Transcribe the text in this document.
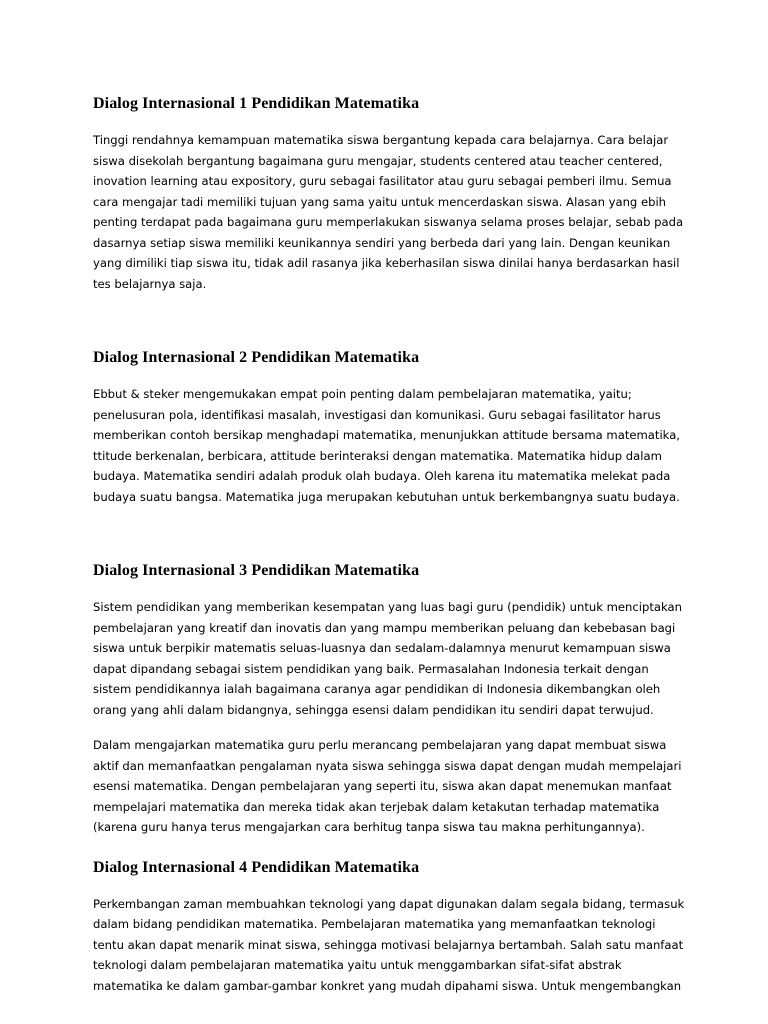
Dialog Internasional 1 Pendidikan Matematika

Tinggi rendahnya kemampuan matematika siswa bergantung kepada cara belajarnya. Cara belajar
siswa disekolah bergantung bagaimana guru mengajar, students centered atau teacher centered,
inovation learning atau expository, guru sebagai fasilitator atau guru sebagai pemberi ilmu. Semua
cara mengajar tadi memiliki tujuan yang sama yaitu untuk mencerdaskan siswa. Alasan yang ebih
penting terdapat pada bagaimana guru memperlakukan siswanya selama proses belajar, sebab pada
dasarnya setiap siswa memiliki keunikannya sendiri yang berbeda dari yang lain. Dengan keunikan
yang dimiliki tiap siswa itu, tidak adil rasanya jika keberhasilan siswa dinilai hanya berdasarkan hasil
tes belajarnya saja.

Dialog Internasional 2 Pendidikan Matematika

Ebbut & steker mengemukakan empat poin penting dalam pembelajaran matematika, yaitu;
penelusuran pola, identifikasi masalah, investigasi dan komunikasi. Guru sebagai fasilitator harus
memberikan contoh bersikap menghadapi matematika, menunjukkan attitude bersama matematika,
ttitude berkenalan, berbicara, attitude berinteraksi dengan matematika. Matematika hidup dalam
budaya. Matematika sendiri adalah produk olah budaya. Oleh karena itu matematika melekat pada
budaya suatu bangsa. Matematika juga merupakan kebutuhan untuk berkembangnya suatu budaya.

Dialog Internasional 3 Pendidikan Matematika

Sistem pendidikan yang memberikan kesempatan yang luas bagi guru (pendidik) untuk menciptakan
pembelajaran yang kreatif dan inovatis dan yang mampu memberikan peluang dan kebebasan bagi
siswa untuk berpikir matematis seluas-luasnya dan sedalam-dalamnya menurut kemampuan siswa
dapat dipandang sebagai sistem pendidikan yang baik. Permasalahan Indonesia terkait dengan
sistem pendidikannya ialah bagaimana caranya agar pendidikan di Indonesia dikembangkan oleh
orang yang ahli dalam bidangnya, sehingga esensi dalam pendidikan itu sendiri dapat terwujud.

Dalam mengajarkan matematika guru perlu merancang pembelajaran yang dapat membuat siswa
aktif dan memanfaatkan pengalaman nyata siswa sehingga siswa dapat dengan mudah mempelajari
esensi matematika. Dengan pembelajaran yang seperti itu, siswa akan dapat menemukan manfaat
mempelajari matematika dan mereka tidak akan terjebak dalam ketakutan terhadap matematika
(karena guru hanya terus mengajarkan cara berhitug tanpa siswa tau makna perhitungannya).

Dialog Internasional 4 Pendidikan Matematika

Perkembangan zaman membuahkan teknologi yang dapat digunakan dalam segala bidang, termasuk
dalam bidang pendidikan matematika. Pembelajaran matematika yang memanfaatkan teknologi
tentu akan dapat menarik minat siswa, sehingga motivasi belajarnya bertambah. Salah satu manfaat
teknologi dalam pembelajaran matematika yaitu untuk menggambarkan sifat-sifat abstrak
matematika ke dalam gambar-gambar konkret yang mudah dipahami siswa. Untuk mengembangkan
